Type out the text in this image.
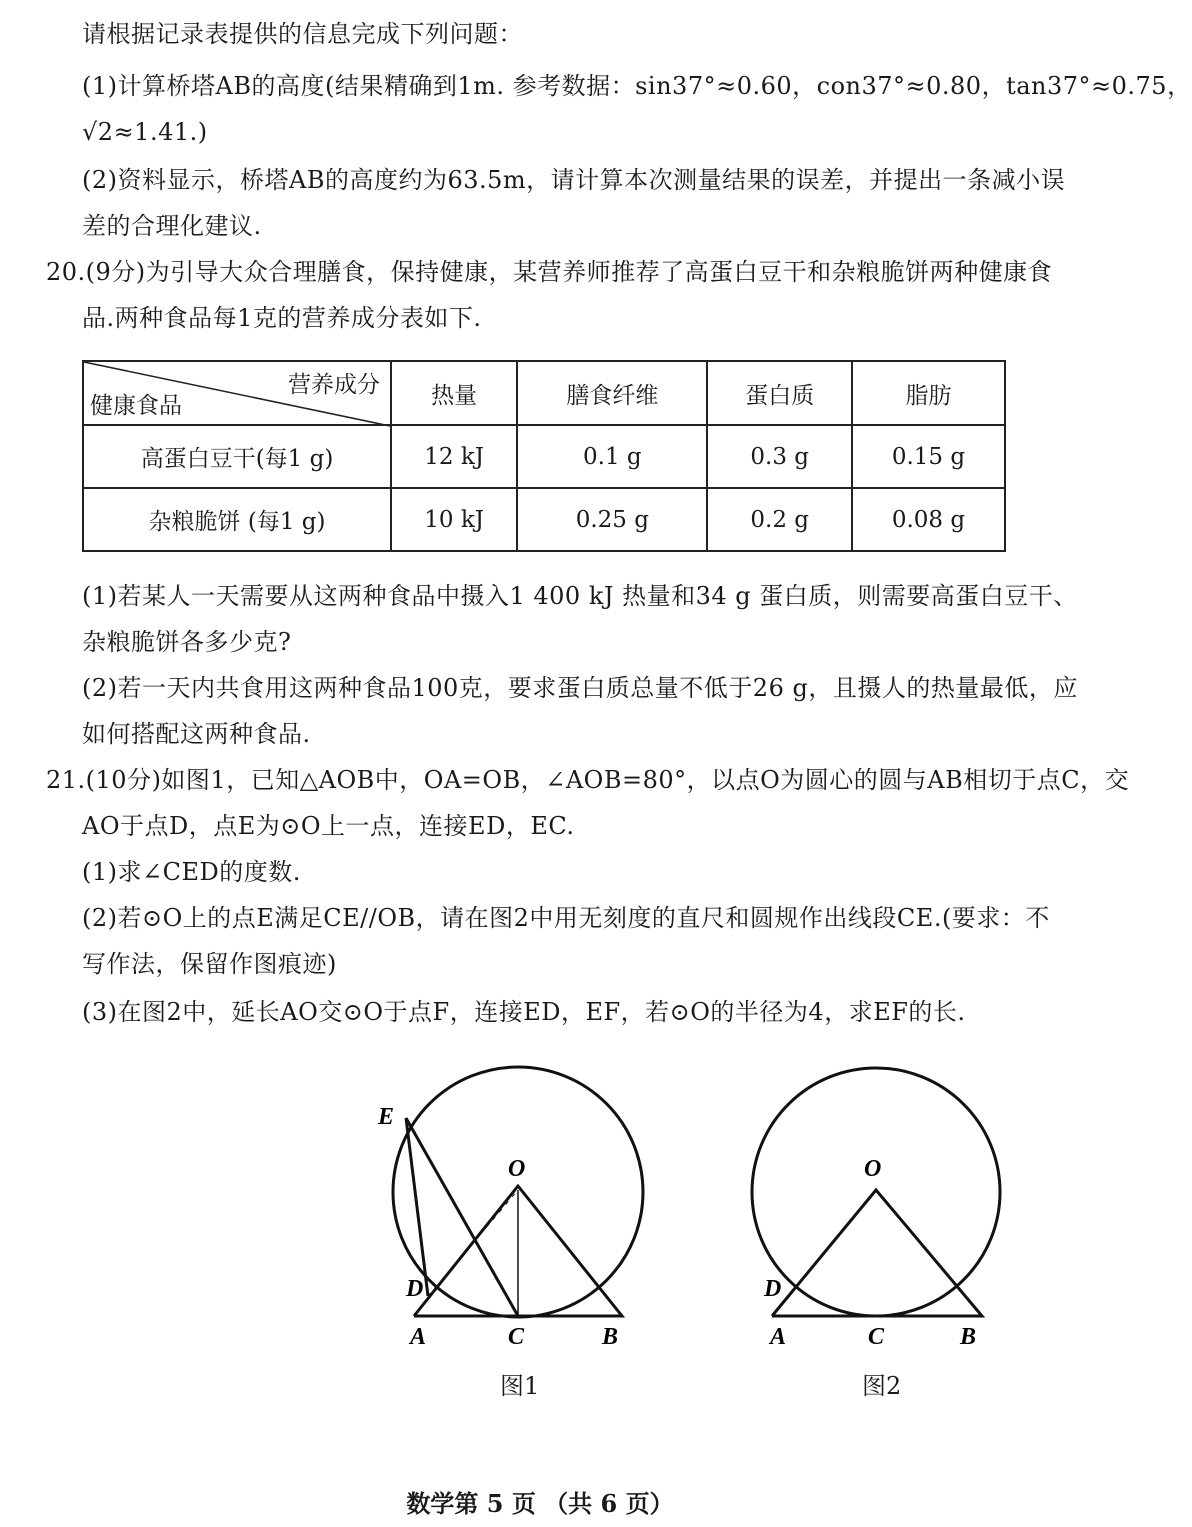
请根据记录表提供的信息完成下列问题：
(1)计算桥塔AB的高度(结果精确到1m. 参考数据：sin37°≈0.60，con37°≈0.80，tan37°≈0.75，
√2≈1.41.)
(2)资料显示，桥塔AB的高度约为63.5m，请计算本次测量结果的误差，并提出一条减小误
差的合理化建议.
20.(9分)为引导大众合理膳食，保持健康，某营养师推荐了高蛋白豆干和杂粮脆饼两种健康食
品.两种食品每1克的营养成分表如下.
营养成分
健康食品	热量	膳食纤维	蛋白质	脂肪
高蛋白豆干(每1 g)	12 kJ	0.1 g	0.3 g	0.15 g
杂粮脆饼 (每1 g)	10 kJ	0.25 g	0.2 g	0.08 g
(1)若某人一天需要从这两种食品中摄入1 400 kJ 热量和34 g 蛋白质，则需要高蛋白豆干、
杂粮脆饼各多少克?
(2)若一天内共食用这两种食品100克，要求蛋白质总量不低于26 g，且摄人的热量最低，应
如何搭配这两种食品.
21.(10分)如图1，已知△AOB中，OA=OB，∠AOB=80°，以点O为圆心的圆与AB相切于点C，交
AO于点D，点E为⊙O上一点，连接ED，EC.
(1)求∠CED的度数.
(2)若⊙O上的点E满足CE//OB，请在图2中用无刻度的直尺和圆规作出线段CE.(要求：不
写作法，保留作图痕迹)
(3)在图2中，延长AO交⊙O于点F，连接ED，EF，若⊙O的半径为4，求EF的长.
E
O
D
A	C	B
图1
O
D
A	C	B
图2
数学第 5 页 （共 6 页）
